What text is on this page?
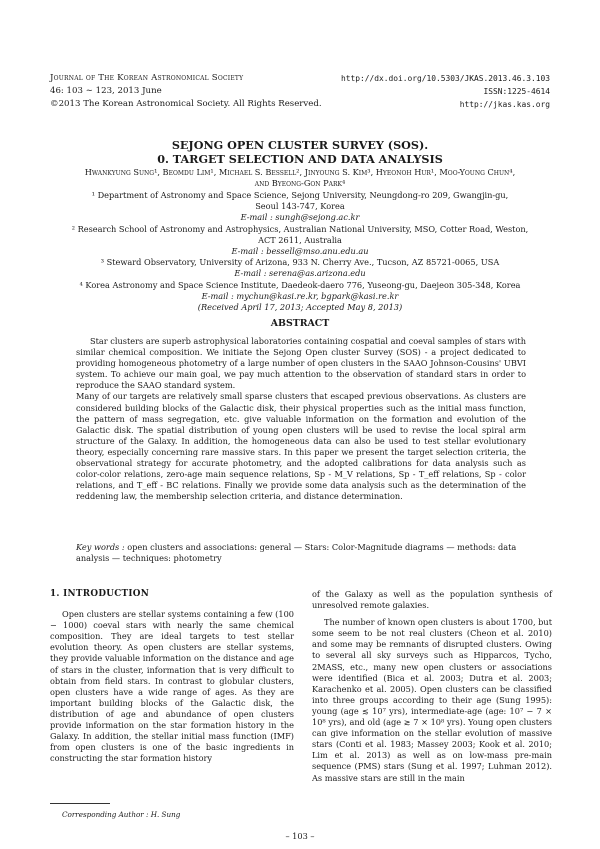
Journal of The Korean Astronomical Society
46: 103 ∼ 123, 2013 June
©2013 The Korean Astronomical Society. All Rights Reserved.
http://dx.doi.org/10.5303/JKAS.2013.46.3.103
ISSN:1225-4614
http://jkas.kas.org
SEJONG OPEN CLUSTER SURVEY (SOS).
0. TARGET SELECTION AND DATA ANALYSIS
Hwankyung Sung¹, Beomdu Lim¹, Michael S. Bessell², Jinyoung S. Kim³, Hyeonoh Hur¹, Moo-Young Chun⁴,
and Byeong-Gon Park⁴
¹ Department of Astronomy and Space Science, Sejong University, Neungdong-ro 209, Gwangjin-gu,
Seoul 143-747, Korea
E-mail : sungh@sejong.ac.kr
² Research School of Astronomy and Astrophysics, Australian National University, MSO, Cotter Road, Weston,
ACT 2611, Australia
E-mail : bessell@mso.anu.edu.au
³ Steward Observatory, University of Arizona, 933 N. Cherry Ave., Tucson, AZ 85721-0065, USA
E-mail : serena@as.arizona.edu
⁴ Korea Astronomy and Space Science Institute, Daedeok-daero 776, Yuseong-gu, Daejeon 305-348, Korea
E-mail : mychun@kasi.re.kr, bgpark@kasi.re.kr
(Received April 17, 2013; Accepted May 8, 2013)
ABSTRACT

Star clusters are superb astrophysical laboratories containing cospatial and coeval samples of stars with similar chemical composition. We initiate the Sejong Open cluster Survey (SOS) - a project dedicated to providing homogeneous photometry of a large number of open clusters in the SAAO Johnson-Cousins' UBVI system. To achieve our main goal, we pay much attention to the observation of standard stars in order to reproduce the SAAO standard system.

Many of our targets are relatively small sparse clusters that escaped previous observations. As clusters are considered building blocks of the Galactic disk, their physical properties such as the initial mass function, the pattern of mass segregation, etc. give valuable information on the formation and evolution of the Galactic disk. The spatial distribution of young open clusters will be used to revise the local spiral arm structure of the Galaxy. In addition, the homogeneous data can also be used to test stellar evolutionary theory, especially concerning rare massive stars. In this paper we present the target selection criteria, the observational strategy for accurate photometry, and the adopted calibrations for data analysis such as color-color relations, zero-age main sequence relations, Sp - M_V relations, Sp - T_eff relations, Sp - color relations, and T_eff - BC relations. Finally we provide some data analysis such as the determination of the reddening law, the membership selection criteria, and distance determination.

Key words : open clusters and associations: general — Stars: Color-Magnitude diagrams — methods: data analysis — techniques: photometry

1. INTRODUCTION

Open clusters are stellar systems containing a few (100 − 1000) coeval stars with nearly the same chemical composition. They are ideal targets to test stellar evolution theory. As open clusters are stellar systems, they provide valuable information on the distance and age of stars in the cluster, information that is very difficult to obtain from field stars. In contrast to globular clusters, open clusters have a wide range of ages. As they are important building blocks of the Galactic disk, the distribution of age and abundance of open clusters provide information on the star formation history in the Galaxy. In addition, the stellar initial mass function (IMF) from open clusters is one of the basic ingredients in constructing the star formation history

of the Galaxy as well as the population synthesis of unresolved remote galaxies.

The number of known open clusters is about 1700, but some seem to be not real clusters (Cheon et al. 2010) and some may be remnants of disrupted clusters. Owing to several all sky surveys such as Hipparcos, Tycho, 2MASS, etc., many new open clusters or associations were identified (Bica et al. 2003; Dutra et al. 2003; Karachenko et al. 2005). Open clusters can be classified into three groups according to their age (Sung 1995): young (age ≲ 10⁷ yrs), intermediate-age (age: 10⁷ − 7 × 10⁸ yrs), and old (age ≳ 7 × 10⁸ yrs). Young open clusters can give information on the stellar evolution of massive stars (Conti et al. 1983; Massey 2003; Kook et al. 2010; Lim et al. 2013) as well as on low-mass pre-main sequence (PMS) stars (Sung et al. 1997; Luhman 2012). As massive stars are still in the main

Corresponding Author : H. Sung
– 103 –
